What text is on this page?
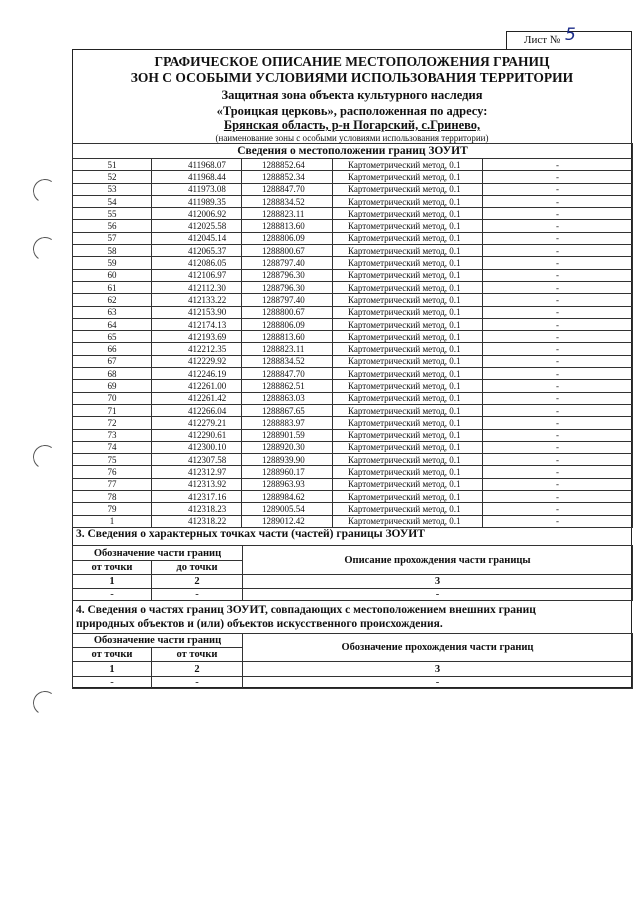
Лист № 5
ГРАФИЧЕСКОЕ ОПИСАНИЕ МЕСТОПОЛОЖЕНИЯ ГРАНИЦ
ЗОН С ОСОБЫМИ УСЛОВИЯМИ ИСПОЛЬЗОВАНИЯ ТЕРРИТОРИИ
Защитная зона объекта культурного наследия
«Троицкая церковь», расположенная по адресу:
Брянская область, р-н Погарский, с.Гринево,
(наименование зоны с особыми условиями использования территории)
Сведения о местоположении границ ЗОУИТ				
51	411968.07	1288852.64	Картометрический метод, 0.1	-
52	411968.44	1288852.34	Картометрический метод, 0.1	-
53	411973.08	1288847.70	Картометрический метод, 0.1	-
54	411989.35	1288834.52	Картометрический метод, 0.1	-
55	412006.92	1288823.11	Картометрический метод, 0.1	-
56	412025.58	1288813.60	Картометрический метод, 0.1	-
57	412045.14	1288806.09	Картометрический метод, 0.1	-
58	412065.37	1288800.67	Картометрический метод, 0.1	-
59	412086.05	1288797.40	Картометрический метод, 0.1	-
60	412106.97	1288796.30	Картометрический метод, 0.1	-
61	412112.30	1288796.30	Картометрический метод, 0.1	-
62	412133.22	1288797.40	Картометрический метод, 0.1	-
63	412153.90	1288800.67	Картометрический метод, 0.1	-
64	412174.13	1288806.09	Картометрический метод, 0.1	-
65	412193.69	1288813.60	Картометрический метод, 0.1	-
66	412212.35	1288823.11	Картометрический метод, 0.1	-
67	412229.92	1288834.52	Картометрический метод, 0.1	-
68	412246.19	1288847.70	Картометрический метод, 0.1	-
69	412261.00	1288862.51	Картометрический метод, 0.1	-
70	412261.42	1288863.03	Картометрический метод, 0.1	-
71	412266.04	1288867.65	Картометрический метод, 0.1	-
72	412279.21	1288883.97	Картометрический метод, 0.1	-
73	412290.61	1288901.59	Картометрический метод, 0.1	-
74	412300.10	1288920.30	Картометрический метод, 0.1	-
75	412307.58	1288939.90	Картометрический метод, 0.1	-
76	412312.97	1288960.17	Картометрический метод, 0.1	-
77	412313.92	1288963.93	Картометрический метод, 0.1	-
78	412317.16	1288984.62	Картометрический метод, 0.1	-
79	412318.23	1289005.54	Картометрический метод, 0.1	-
1	412318.22	1289012.42	Картометрический метод, 0.1	-
3. Сведения о характерных точках части (частей) границы ЗОУИТ
Обозначение части границ		Описание прохождения части границы
от точки	до точки	
1	2	3
-	-	-
4. Сведения о частях границ ЗОУИТ, совпадающих с местоположением внешних границ
природных объектов и (или) объектов искусственного происхождения.
Обозначение части границ		Обозначение прохождения части границ
от точки	от точки	
1	2	3
-	-	-
